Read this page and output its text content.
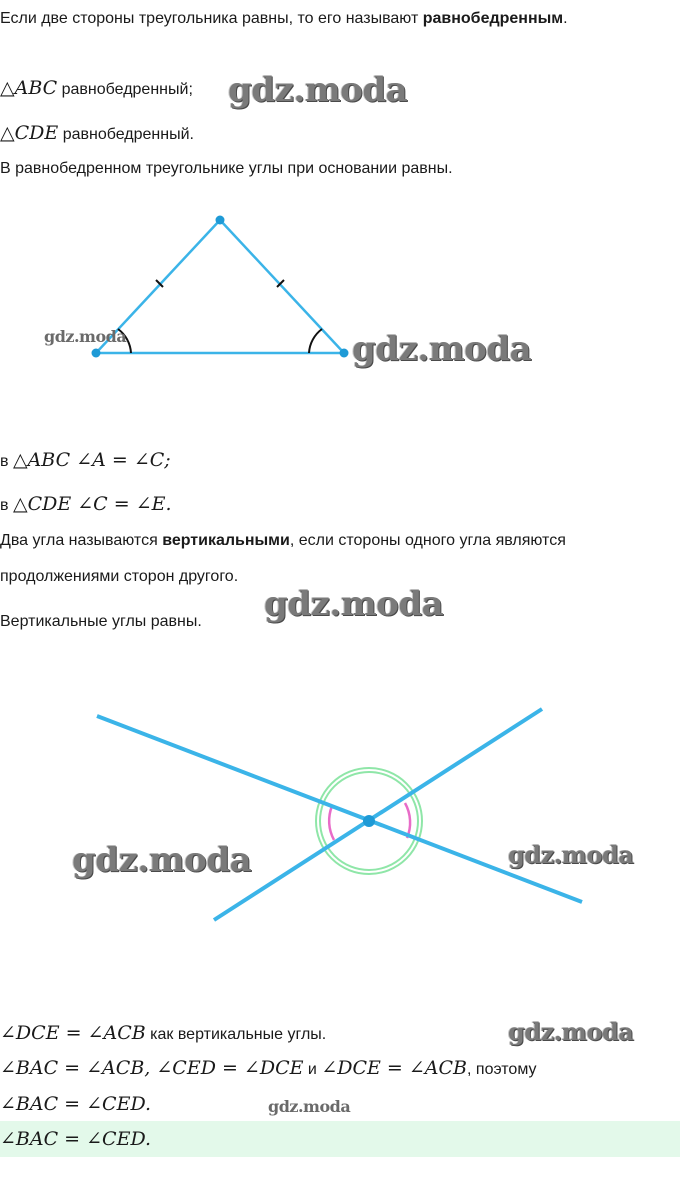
Если две стороны треугольника равны, то его называют равнобедренным.
△ABC равнобедренный; gdz.moda
△CDE равнобедренный.
В равнобедренном треугольнике углы при основании равны.
gdz.moda	gdz.moda
в △ABC ∠A = ∠C;
в △CDE ∠C = ∠E.
Два угла называются вертикальными, если стороны одного угла являются
продолжениями сторон другого.
Вертикальные углы равны. gdz.moda
gdz.moda	gdz.moda
∠DCE = ∠ACB как вертикальные углы.	gdz.moda
∠BAC = ∠ACB, ∠CED = ∠DCE и ∠DCE = ∠ACB, поэтому
∠BAC = ∠CED.	gdz.moda
∠BAC = ∠CED.
